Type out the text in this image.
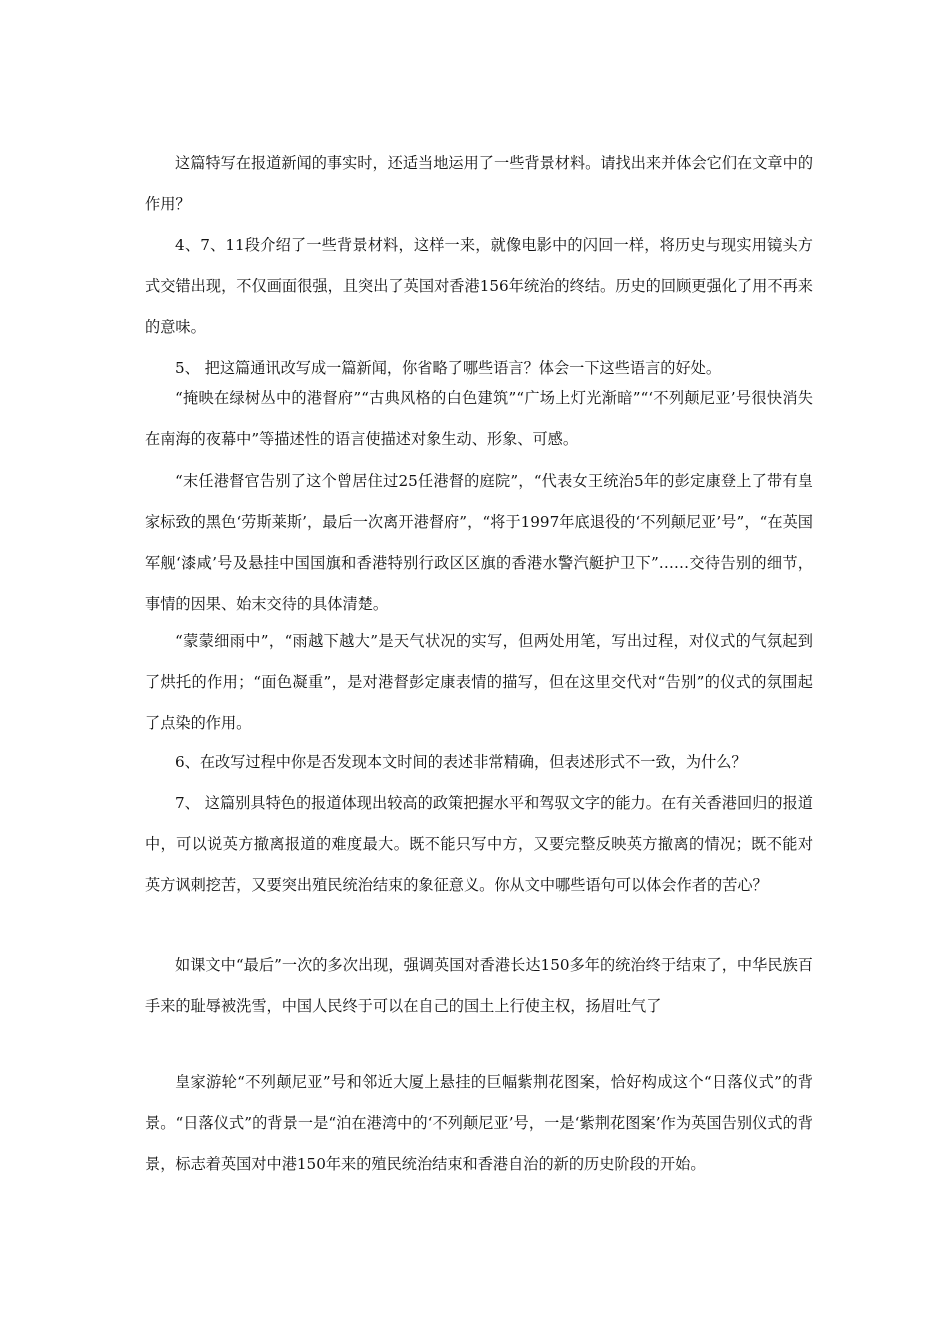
这篇特写在报道新闻的事实时，还适当地运用了一些背景材料。请找出来并体会它们在文章中的作用？

4、7、11段介绍了一些背景材料，这样一来，就像电影中的闪回一样，将历史与现实用镜头方式交错出现，不仅画面很强，且突出了英国对香港156年统治的终结。历史的回顾更强化了用不再来的意味。

5、 把这篇通讯改写成一篇新闻，你省略了哪些语言？体会一下这些语言的好处。

“掩映在绿树丛中的港督府”“古典风格的白色建筑”“广场上灯光渐暗”“‘不列颠尼亚’号很快消失在南海的夜幕中”等描述性的语言使描述对象生动、形象、可感。

“末任港督官告别了这个曾居住过25任港督的庭院”，“代表女王统治5年的彭定康登上了带有皇家标致的黑色‘劳斯莱斯’，最后一次离开港督府”，“将于1997年底退役的‘不列颠尼亚’号”，“在英国军舰‘漆咸’号及悬挂中国国旗和香港特别行政区区旗的香港水警汽艇护卫下”……交待告别的细节，事情的因果、始末交待的具体清楚。

“蒙蒙细雨中”，“雨越下越大”是天气状况的实写，但两处用笔，写出过程，对仪式的气氛起到了烘托的作用；“面色凝重”，是对港督彭定康表情的描写，但在这里交代对“告别”的仪式的氛围起了点染的作用。

6、在改写过程中你是否发现本文时间的表述非常精确，但表述形式不一致，为什么？

7、 这篇别具特色的报道体现出较高的政策把握水平和驾驭文字的能力。在有关香港回归的报道中，可以说英方撤离报道的难度最大。既不能只写中方，又要完整反映英方撤离的情况；既不能对英方讽刺挖苦，又要突出殖民统治结束的象征意义。你从文中哪些语句可以体会作者的苦心？

如课文中“最后”一次的多次出现，强调英国对香港长达150多年的统治终于结束了，中华民族百手来的耻辱被洗雪，中国人民终于可以在自己的国土上行使主权，扬眉吐气了

皇家游轮“不列颠尼亚”号和邻近大厦上悬挂的巨幅紫荆花图案，恰好构成这个“日落仪式”的背景。“日落仪式”的背景一是“泊在港湾中的‘不列颠尼亚’号，一是‘紫荆花图案’作为英国告别仪式的背景，标志着英国对中港150年来的殖民统治结束和香港自治的新的历史阶段的开始。
